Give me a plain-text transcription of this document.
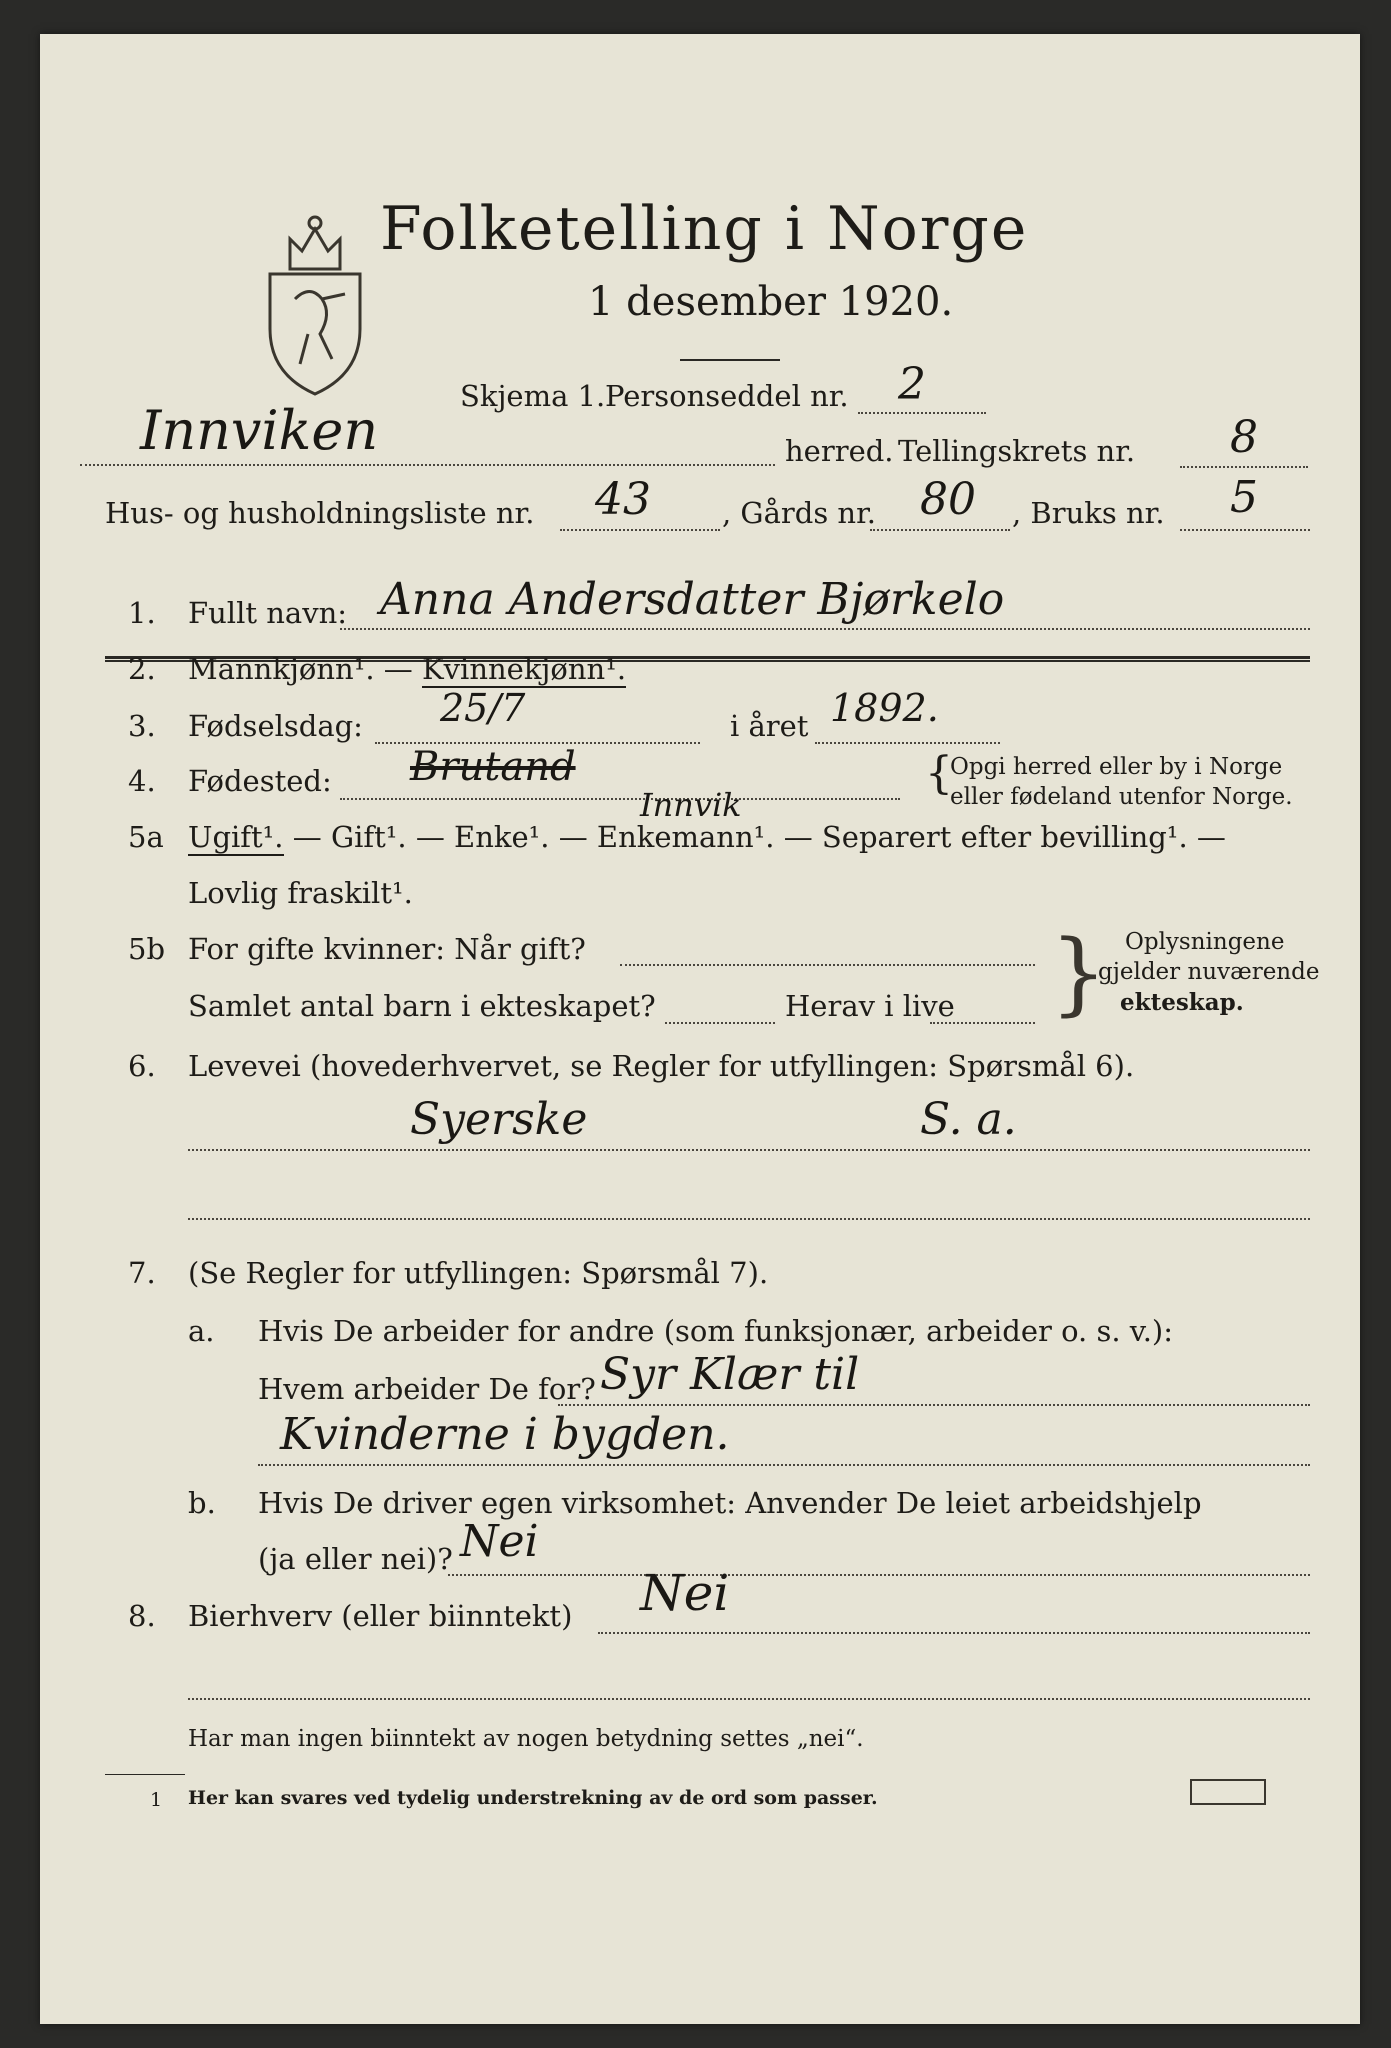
Folketelling i Norge
1 desember 1920.
Skjema 1. Personseddel nr. 2
Innviken	herred. Tellingskrets nr. 8
Hus- og husholdningsliste nr. 43 , Gårds nr. 80 , Bruks nr. 5
1. Fullt navn: Anna Andersdatter Bjørkelo
2. Mannkjønn¹. — Kvinnekjønn¹.
3. Fødselsdag: 25/7	i året 1892.
4. Fødested: Brutand
Innvik
{
Opgi herred eller by i Norge
eller fødeland utenfor Norge.
5a Ugift¹. — Gift¹. — Enke¹. — Enkemann¹. — Separert efter bevilling¹. —
Lovlig fraskilt¹.
5b For gifte kvinner: Når gift?
Samlet antal barn i ekteskapet?	Herav i live } Oplysningene
gjelder nuværende
ekteskap.
6. Levevei (hovederhvervet, se Regler for utfyllingen: Spørsmål 6).
Syerske	S. a.
7. (Se Regler for utfyllingen: Spørsmål 7).
a. Hvis De arbeider for andre (som funksjonær, arbeider o. s. v.):
Hvem arbeider De for? Syr Klær til
Kvinderne i bygden.
b. Hvis De driver egen virksomhet: Anvender De leiet arbeidshjelp
(ja eller nei)? Nei
8. Bierhverv (eller biinntekt) Nei
Har man ingen biinntekt av nogen betydning settes „nei“.
1 Her kan svares ved tydelig understrekning av de ord som passer.
